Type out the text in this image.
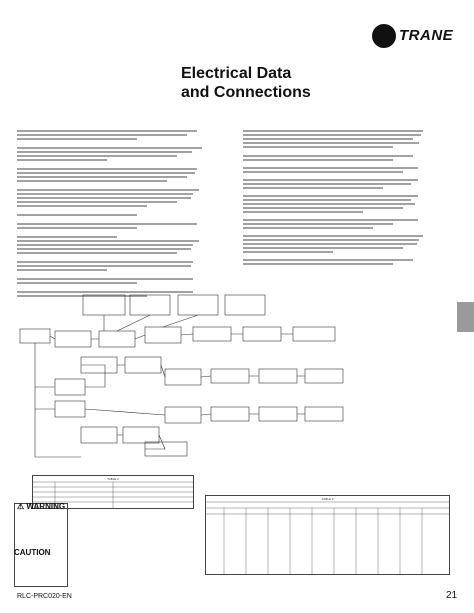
TRANE
Electrical Data
and Connections
TABLE 2
TABLE 3
⚠ WARNING
CAUTION
RLC-PRC020-EN	21
